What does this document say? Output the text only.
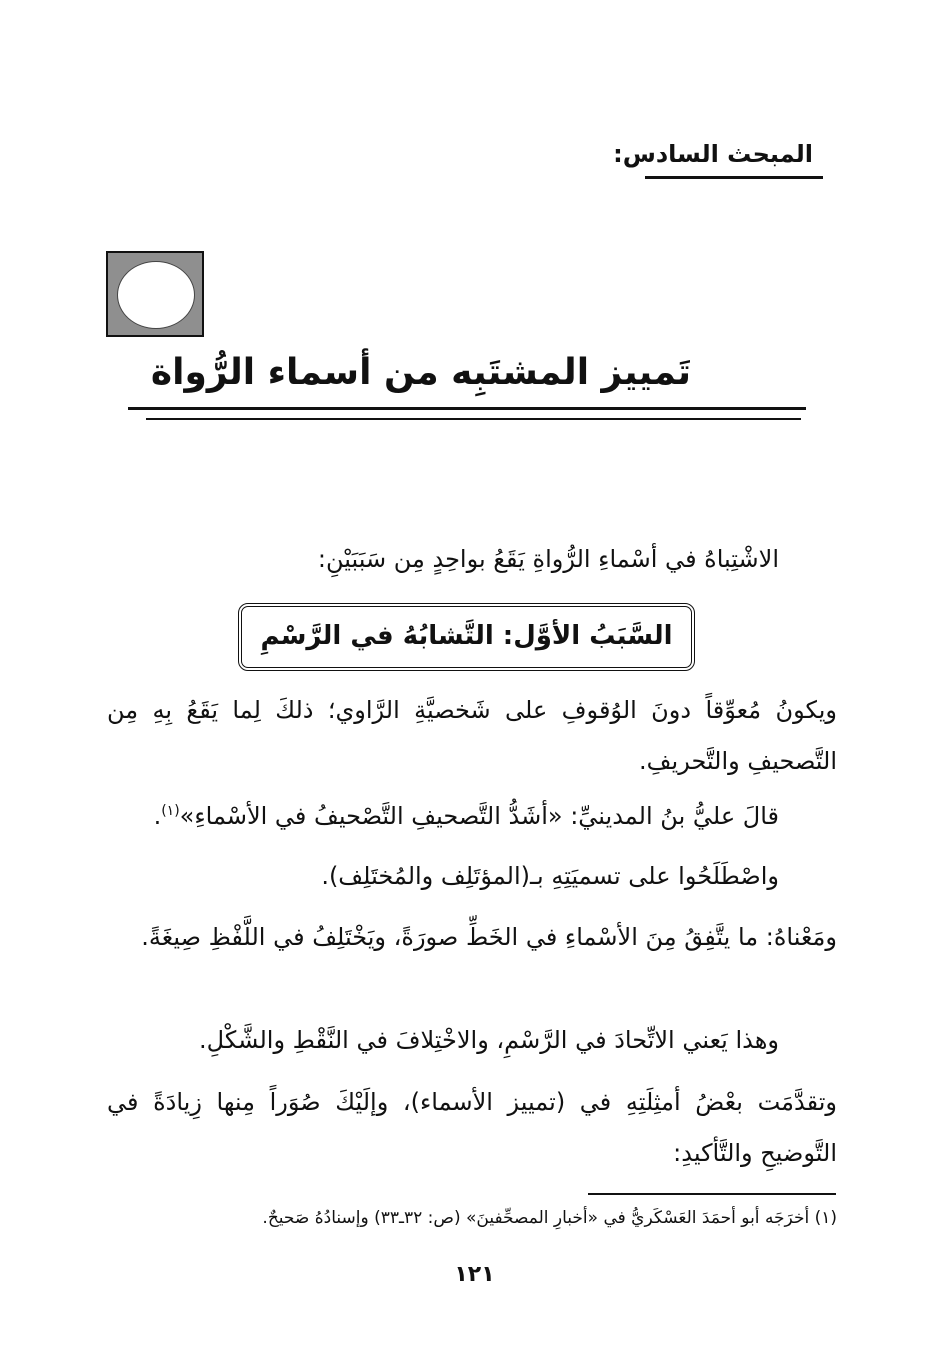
المبحث السادس:
تَمييز المشتَبِه من أسماء الرُّواة
الاشْتِباهُ في أسْماءِ الرُّواةِ يَقَعُ بواحِدٍ مِن سَبَبَيْنِ:
السَّبَبُ الأوَّل: التَّشابُهُ في الرَّسْمِ
ويكونُ مُعوِّقاً دونَ الوُقوفِ على شَخصيَّةِ الرَّاوي؛ ذلكَ لِما يَقَعُ بِهِ مِن التَّصحيفِ والتَّحريفِ.
قالَ عليُّ بنُ المدينيِّ: «أشَدُّ التَّصحيفِ التَّصْحيفُ في الأسْماءِ»$^{(١)}$.
واصْطَلَحُوا على تسميَتِهِ بـ(المؤتَلِف والمُختَلِف).
ومَعْناهُ: ما يتَّفِقُ مِنَ الأسْماءِ في الخَطِّ صورَةً، ويَخْتَلِفُ في اللَّفْظِ صِيغَةً.
وهذا يَعني الاتِّحادَ في الرَّسْمِ، والاخْتِلافَ في النَّقْطِ والشَّكْلِ.
وتقدَّمَت بعْضُ أمثِلَتِهِ في (تمييز الأسماء)، وإلَيْكَ صُوَراً مِنها زِيادَةً في التَّوضيحِ والتَّأكيدِ:
(١) أخرَجَه أبو أحمَدَ العَسْكَريُّ في «أخبارِ المصحِّفينَ» (ص: ٣٢ـ٣٣) وإسنادُهُ صَحيحٌ.
١٢١
